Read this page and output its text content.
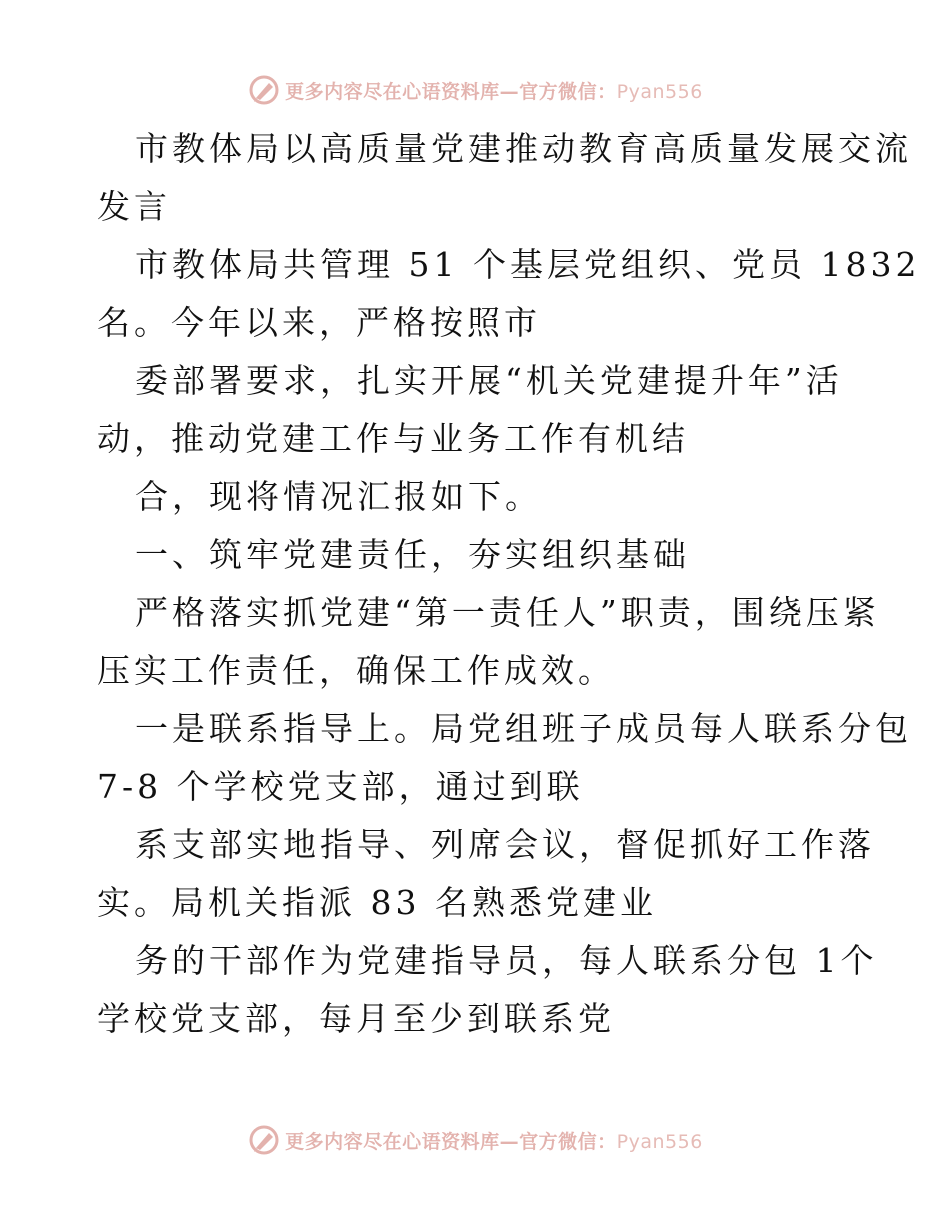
更多内容尽在心语资料库—官方微信：Pyan556
市教体局以高质量党建推动教育高质量发展交流
发言
市教体局共管理 51 个基层党组织、党员 1832
名。今年以来，严格按照市
委部署要求，扎实开展“机关党建提升年”活
动，推动党建工作与业务工作有机结
合，现将情况汇报如下。
一、筑牢党建责任，夯实组织基础
严格落实抓党建“第一责任人”职责，围绕压紧
压实工作责任，确保工作成效。
一是联系指导上。局党组班子成员每人联系分包
7-8 个学校党支部，通过到联
系支部实地指导、列席会议，督促抓好工作落
实。局机关指派 83 名熟悉党建业
务的干部作为党建指导员，每人联系分包 1个
学校党支部，每月至少到联系党
更多内容尽在心语资料库—官方微信：Pyan556
